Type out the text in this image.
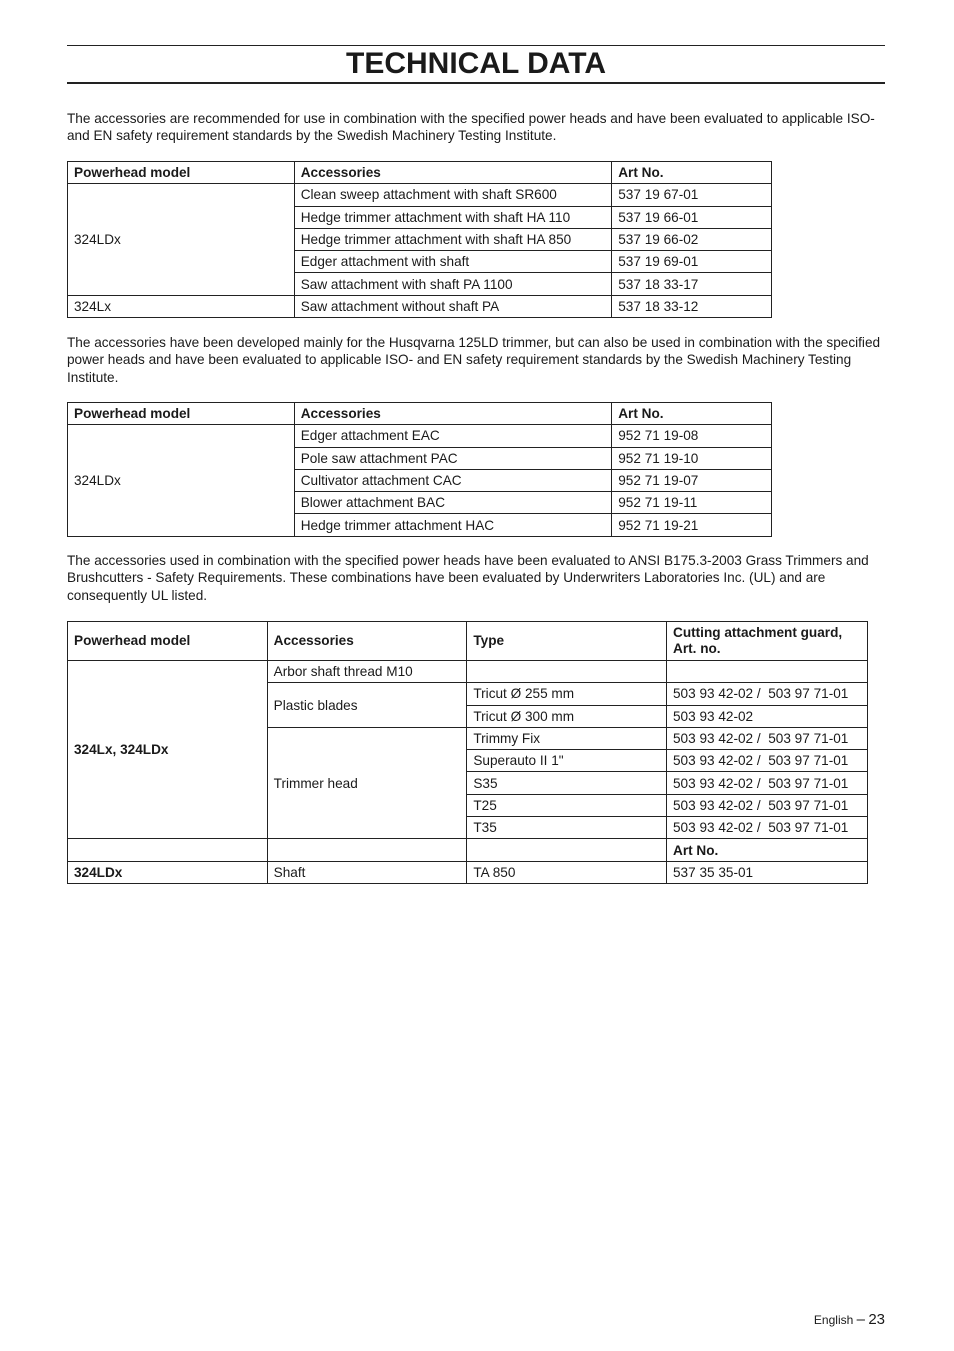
TECHNICAL DATA

The accessories are recommended for use in combination with the specified power heads and have been evaluated to applicable ISO- and EN safety requirement standards by the Swedish Machinery Testing Institute.

Powerhead model	Accessories	Art No.
324LDx	Clean sweep attachment with shaft SR600	537 19 67-01
	Hedge trimmer attachment with shaft HA 110	537 19 66-01
	Hedge trimmer attachment with shaft HA 850	537 19 66-02
	Edger attachment with shaft	537 19 69-01
	Saw attachment with shaft PA 1100	537 18 33-17
324Lx	Saw attachment without shaft PA	537 18 33-12

The accessories have been developed mainly for the Husqvarna 125LD trimmer, but can also be used in combination with the specified power heads and have been evaluated to applicable ISO- and EN safety requirement standards by the Swedish Machinery Testing Institute.

Powerhead model	Accessories	Art No.
324LDx	Edger attachment EAC	952 71 19-08
	Pole saw attachment PAC	952 71 19-10
	Cultivator attachment CAC	952 71 19-07
	Blower attachment BAC	952 71 19-11
	Hedge trimmer attachment HAC	952 71 19-21

The accessories used in combination with the specified power heads have been evaluated to ANSI B175.3-2003 Grass Trimmers and Brushcutters - Safety Requirements. These combinations have been evaluated by Underwriters Laboratories Inc. (UL) and are consequently UL listed.

Powerhead model	Accessories	Type	Cutting attachment guard, Art. no.
324Lx, 324LDx	Arbor shaft thread M10		
	Plastic blades	Tricut Ø 255 mm	503 93 42-02 /  503 97 71-01
		Tricut Ø 300 mm	503 93 42-02
	Trimmer head	Trimmy Fix	503 93 42-02 /  503 97 71-01
		Superauto II 1"	503 93 42-02 /  503 97 71-01
		S35	503 93 42-02 /  503 97 71-01
		T25	503 93 42-02 /  503 97 71-01
		T35	503 93 42-02 /  503 97 71-01
			Art No.
324LDx	Shaft	TA 850	537 35 35-01
English – 23
